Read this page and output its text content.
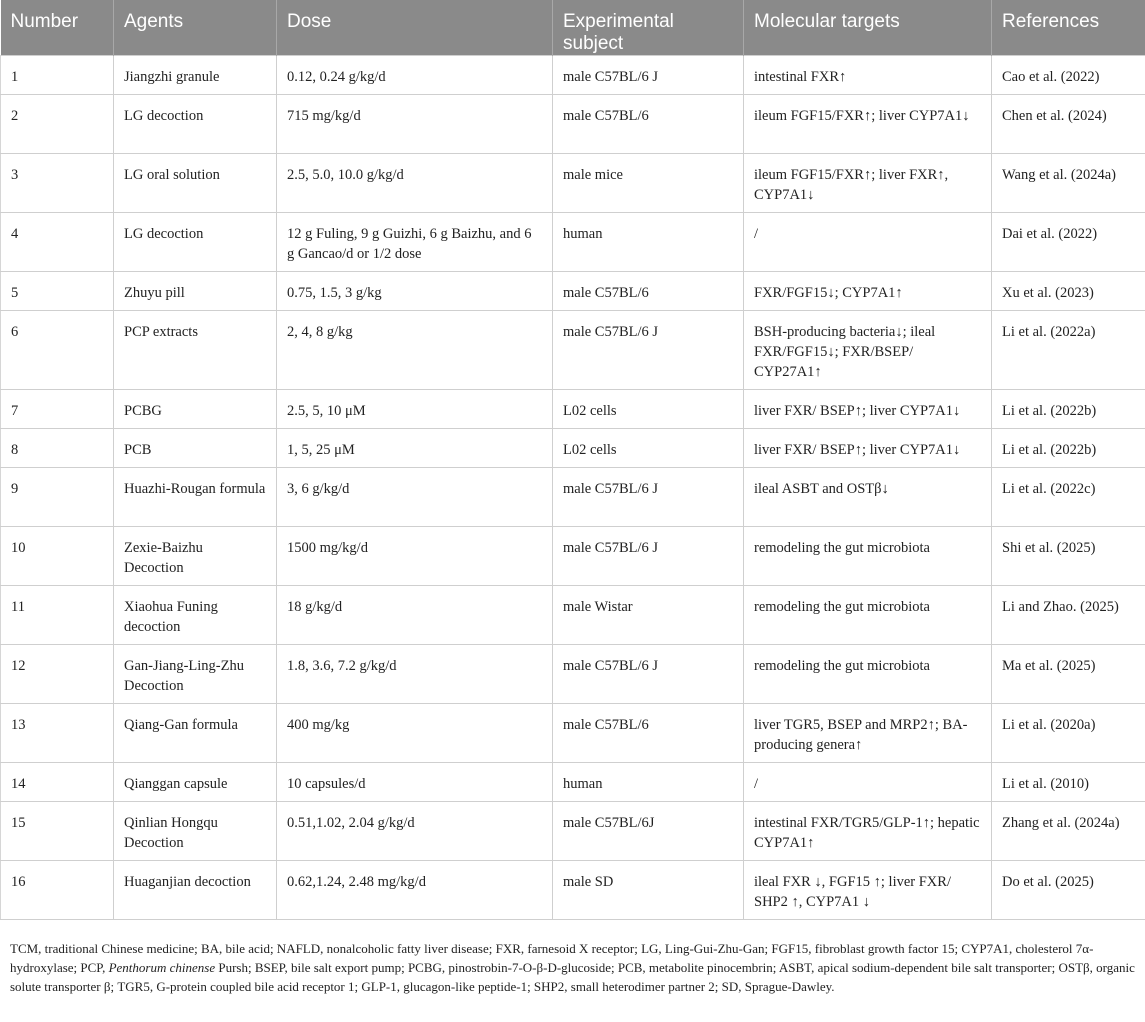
Number	Agents	Dose	Experimental subject	Molecular targets	References
1	Jiangzhi granule	0.12, 0.24 g/kg/d	male C57BL/6 J	intestinal FXR↑	Cao et al. (2022)
2	LG decoction	715 mg/kg/d	male C57BL/6	ileum FGF15/FXR↑; liver CYP7A1↓	Chen et al. (2024)
3	LG oral solution	2.5, 5.0, 10.0 g/kg/d	male mice	ileum FGF15/FXR↑; liver FXR↑, CYP7A1↓	Wang et al. (2024a)
4	LG decoction	12 g Fuling, 9 g Guizhi, 6 g Baizhu, and 6 g Gancao/d or 1/2 dose	human	/	Dai et al. (2022)
5	Zhuyu pill	0.75, 1.5, 3 g/kg	male C57BL/6	FXR/FGF15↓; CYP7A1↑	Xu et al. (2023)
6	PCP extracts	2, 4, 8 g/kg	male C57BL/6 J	BSH-producing bacteria↓; ileal FXR/FGF15↓; FXR/BSEP/ CYP27A1↑	Li et al. (2022a)
7	PCBG	2.5, 5, 10 μM	L02 cells	liver FXR/ BSEP↑; liver CYP7A1↓	Li et al. (2022b)
8	PCB	1, 5, 25 μM	L02 cells	liver FXR/ BSEP↑; liver CYP7A1↓	Li et al. (2022b)
9	Huazhi-Rougan formula	3, 6 g/kg/d	male C57BL/6 J	ileal ASBT and OSTβ↓	Li et al. (2022c)
10	Zexie-Baizhu Decoction	1500 mg/kg/d	male C57BL/6 J	remodeling the gut microbiota	Shi et al. (2025)
11	Xiaohua Funing decoction	18 g/kg/d	male Wistar	remodeling the gut microbiota	Li and Zhao. (2025)
12	Gan-Jiang-Ling-Zhu Decoction	1.8, 3.6, 7.2 g/kg/d	male C57BL/6 J	remodeling the gut microbiota	Ma et al. (2025)
13	Qiang-Gan formula	400 mg/kg	male C57BL/6	liver TGR5, BSEP and MRP2↑; BA-producing genera↑	Li et al. (2020a)
14	Qianggan capsule	10 capsules/d	human	/	Li et al. (2010)
15	Qinlian Hongqu Decoction	0.51,1.02, 2.04 g/kg/d	male C57BL/6J	intestinal FXR/TGR5/GLP-1↑; hepatic CYP7A1↑	Zhang et al. (2024a)
16	Huaganjian decoction	0.62,1.24, 2.48 mg/kg/d	male SD	ileal FXR ↓, FGF15 ↑; liver FXR/ SHP2 ↑, CYP7A1 ↓	Do et al. (2025)
TCM, traditional Chinese medicine; BA, bile acid; NAFLD, nonalcoholic fatty liver disease; FXR, farnesoid X receptor; LG, Ling-Gui-Zhu-Gan; FGF15, fibroblast growth factor 15; CYP7A1, cholesterol 7α-hydroxylase; PCP, Penthorum chinense Pursh; BSEP, bile salt export pump; PCBG, pinostrobin-7-O-β-D-glucoside; PCB, metabolite pinocembrin; ASBT, apical sodium-dependent bile salt transporter; OSTβ, organic solute transporter β; TGR5, G-protein coupled bile acid receptor 1; GLP-1, glucagon-like peptide-1; SHP2, small heterodimer partner 2; SD, Sprague-Dawley.
